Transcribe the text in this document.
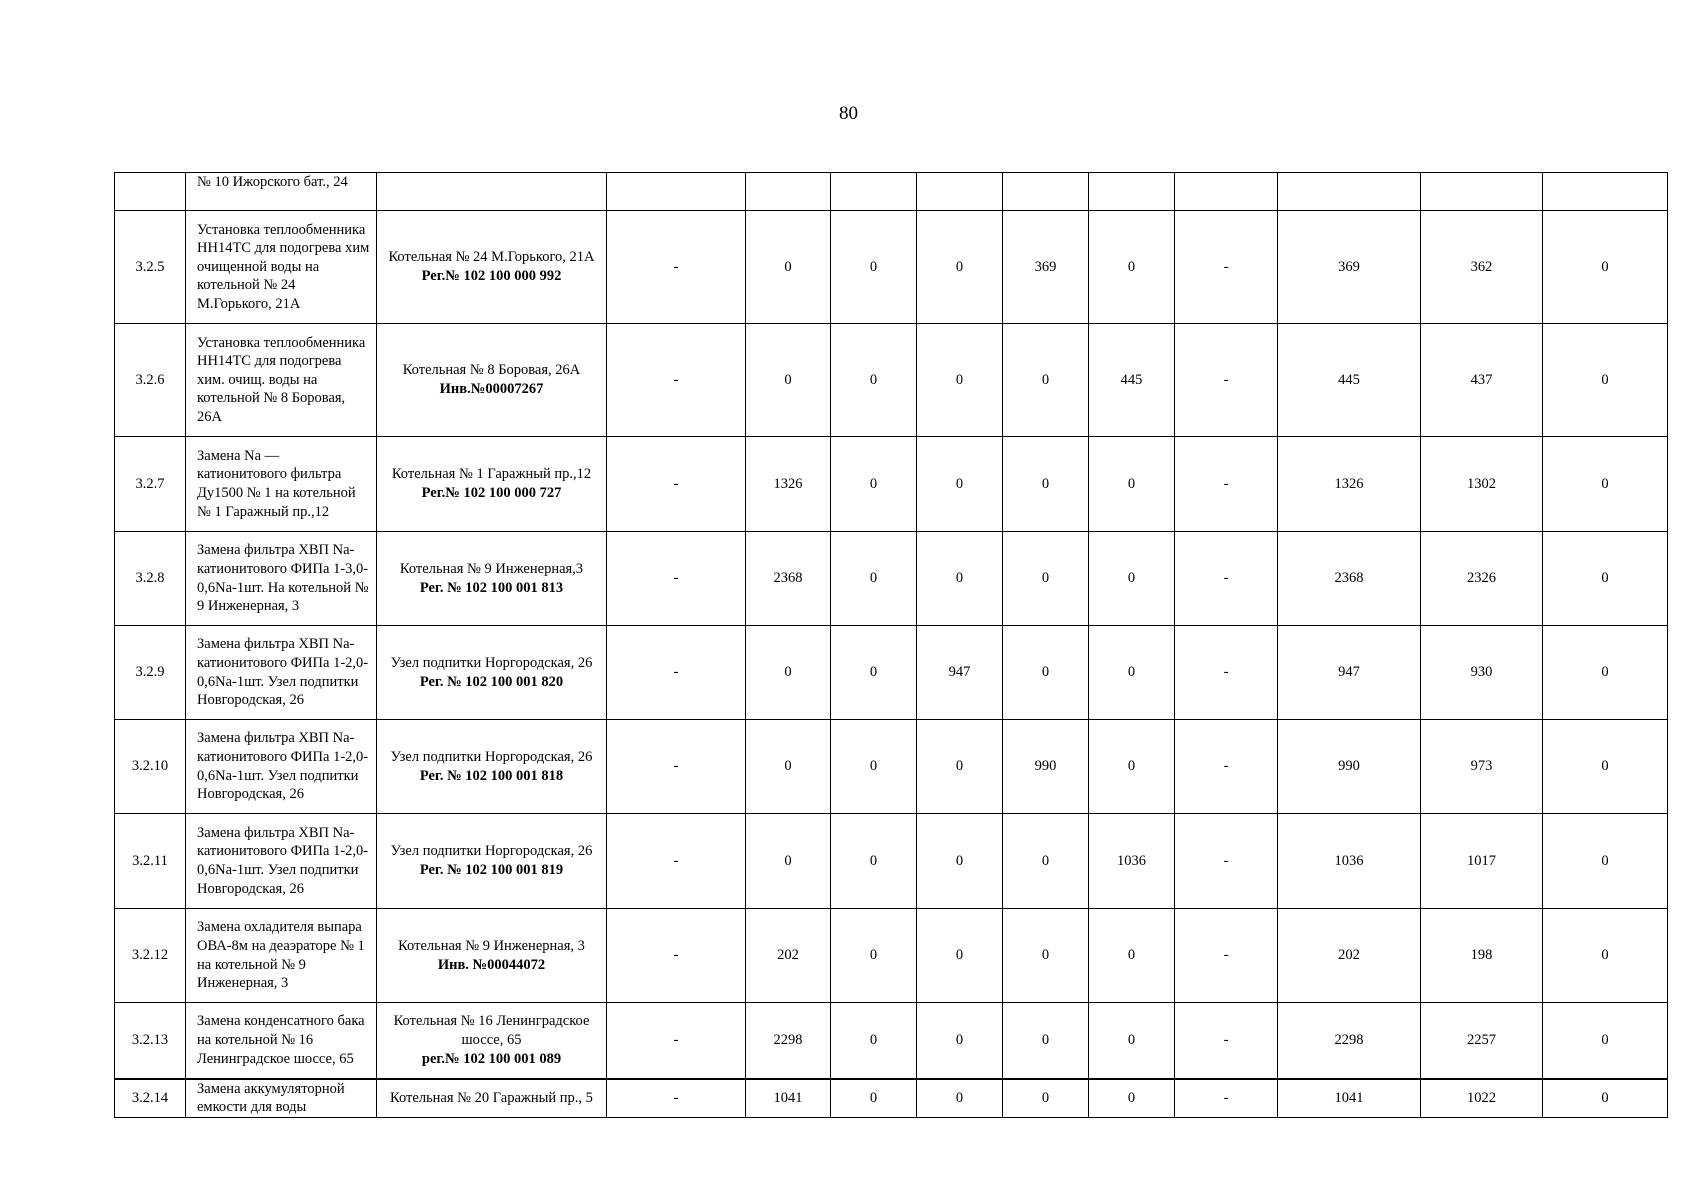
80
	№ 10 Ижорского бат., 24	

3.2.5	Установка теплообменника НН14ТС для подогрева хим очищенной воды на котельной № 24 М.Горького, 21А	Котельная № 24 М.Горького, 21А
Рег.№ 102 100 000 992	-	0	0	0	369	0	-	369	362	0
3.2.6	Установка теплообменника НН14ТС для подогрева хим. очищ. воды на котельной № 8 Боровая, 26А	Котельная № 8 Боровая, 26А
Инв.№00007267	-	0	0	0	0	445	-	445	437	0
3.2.7	Замена Na — катионитового фильтра Ду1500 № 1 на котельной № 1 Гаражный пр.,12	Котельная № 1 Гаражный пр.,12
Рег.№ 102 100 000 727	-	1326	0	0	0	0	-	1326	1302	0
3.2.8	Замена фильтра ХВП Na-катионитового ФИПа 1-3,0-0,6Na-1шт. На котельной № 9 Инженерная, 3	Котельная № 9 Инженерная,3
Рег. № 102 100 001 813	-	2368	0	0	0	0	-	2368	2326	0
3.2.9	Замена фильтра ХВП Na-катионитового ФИПа 1-2,0-0,6Na-1шт. Узел подпитки Новгородская, 26	Узел подпитки Норгородская, 26
Рег. № 102 100 001 820	-	0	0	947	0	0	-	947	930	0
3.2.10	Замена фильтра ХВП Na-катионитового ФИПа 1-2,0-0,6Na-1шт. Узел подпитки Новгородская, 26	Узел подпитки Норгородская, 26
Рег. № 102 100 001 818	-	0	0	0	990	0	-	990	973	0
3.2.11	Замена фильтра ХВП Na-катионитового ФИПа 1-2,0-0,6Na-1шт. Узел подпитки Новгородская, 26	Узел подпитки Норгородская, 26
Рег. № 102 100 001 819	-	0	0	0	0	1036	-	1036	1017	0
3.2.12	Замена охладителя выпара ОВА-8м на деаэраторе № 1 на котельной № 9 Инженерная, 3	Котельная № 9 Инженерная, 3
Инв. №00044072	-	202	0	0	0	0	-	202	198	0
3.2.13	Замена конденсатного бака на котельной № 16 Ленинградское шоссе, 65	Котельная № 16 Ленинградское шоссе, 65
рег.№ 102 100 001 089	-	2298	0	0	0	0	-	2298	2257	0
3.2.14	Замена аккумуляторной емкости для воды	Котельная № 20 Гаражный пр., 5	-	1041	0	0	0	0	-	1041	1022	0
